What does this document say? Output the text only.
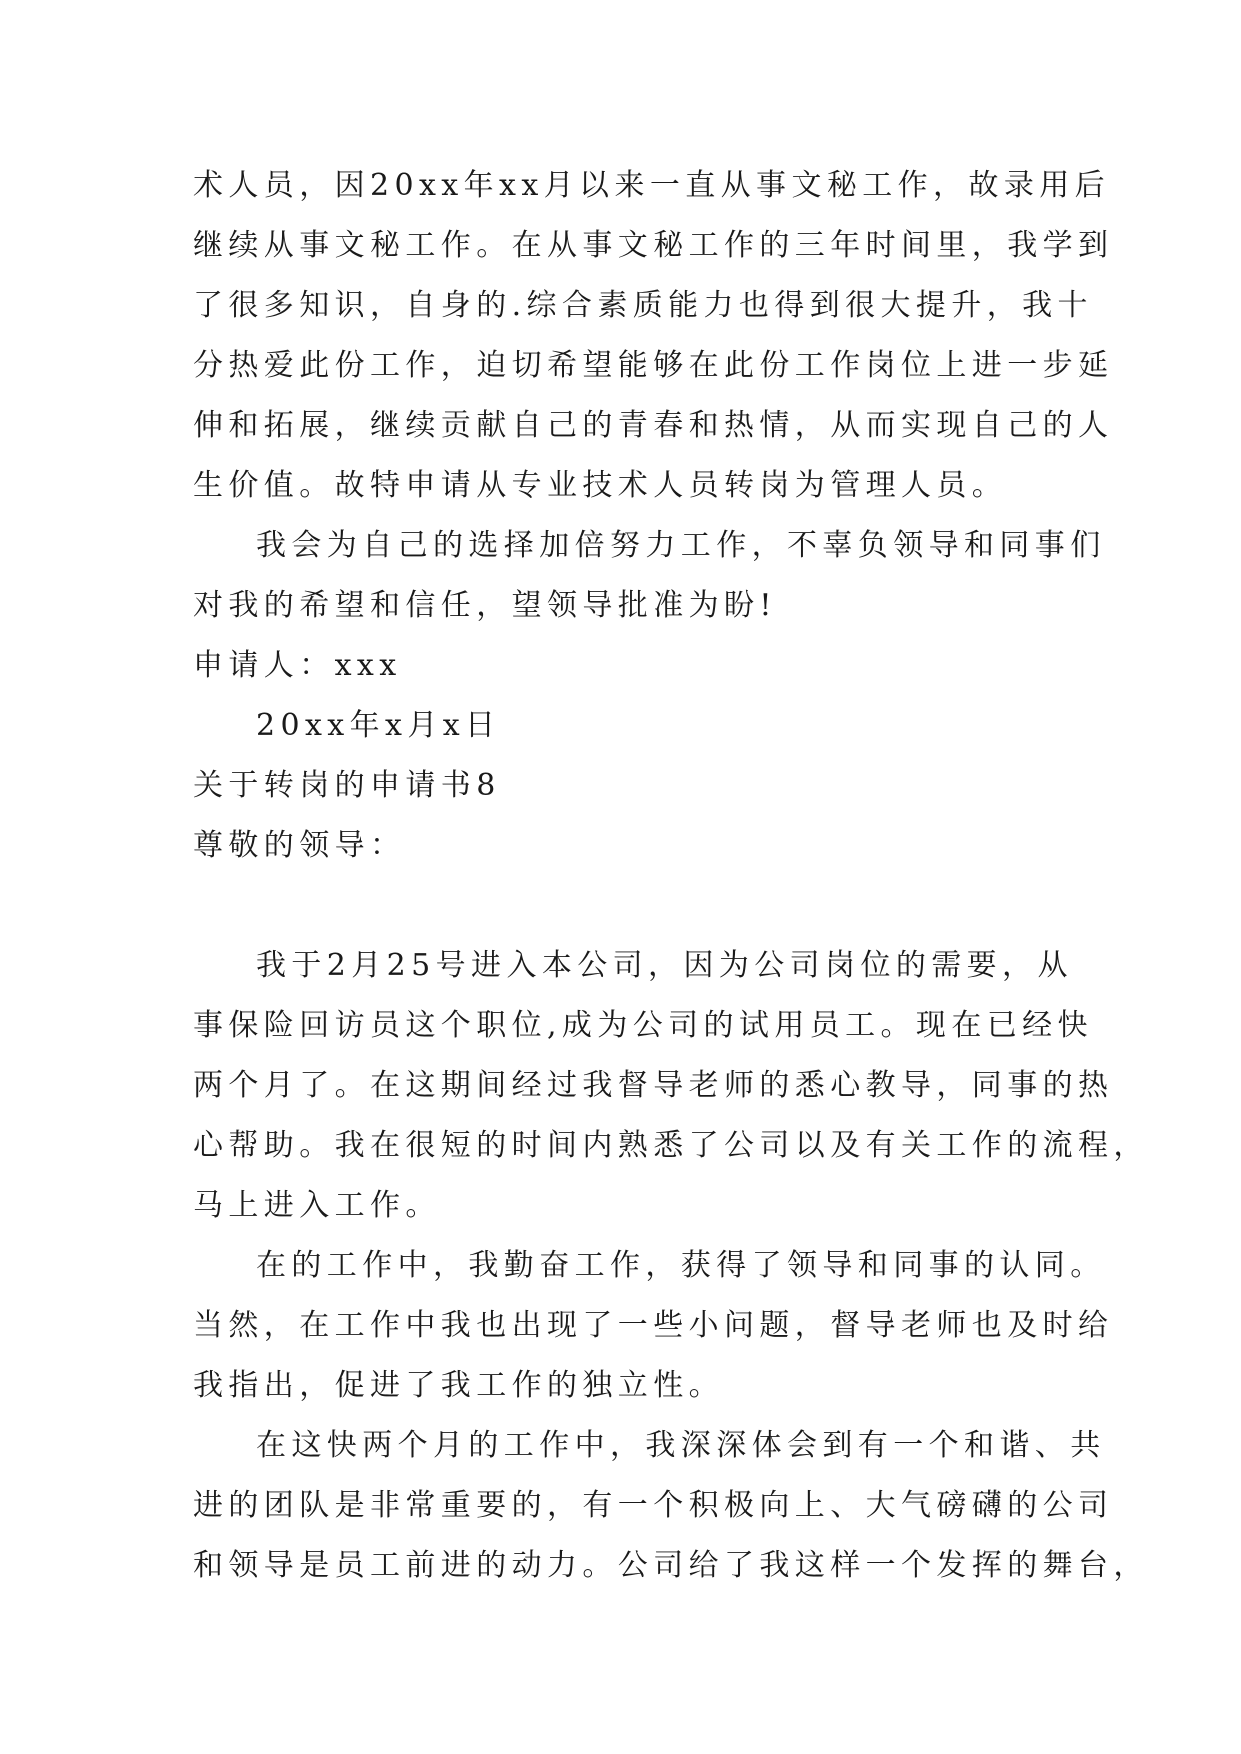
术人员，因20xx年xx月以来一直从事文秘工作，故录用后
继续从事文秘工作。在从事文秘工作的三年时间里，我学到
了很多知识，自身的.综合素质能力也得到很大提升，我十
分热爱此份工作，迫切希望能够在此份工作岗位上进一步延
伸和拓展，继续贡献自己的青春和热情，从而实现自己的人
生价值。故特申请从专业技术人员转岗为管理人员。
我会为自己的选择加倍努力工作，不辜负领导和同事们
对我的希望和信任，望领导批准为盼!
申请人：xxx
20xx年x月x日
关于转岗的申请书8
尊敬的领导：
我于2月25号进入本公司，因为公司岗位的需要，从
事保险回访员这个职位,成为公司的试用员工。现在已经快
两个月了。在这期间经过我督导老师的悉心教导，同事的热
心帮助。我在很短的时间内熟悉了公司以及有关工作的流程，
马上进入工作。
在的工作中，我勤奋工作，获得了领导和同事的认同。
当然，在工作中我也出现了一些小问题，督导老师也及时给
我指出，促进了我工作的独立性。
在这快两个月的工作中，我深深体会到有一个和谐、共
进的团队是非常重要的，有一个积极向上、大气磅礴的公司
和领导是员工前进的动力。公司给了我这样一个发挥的舞台，
